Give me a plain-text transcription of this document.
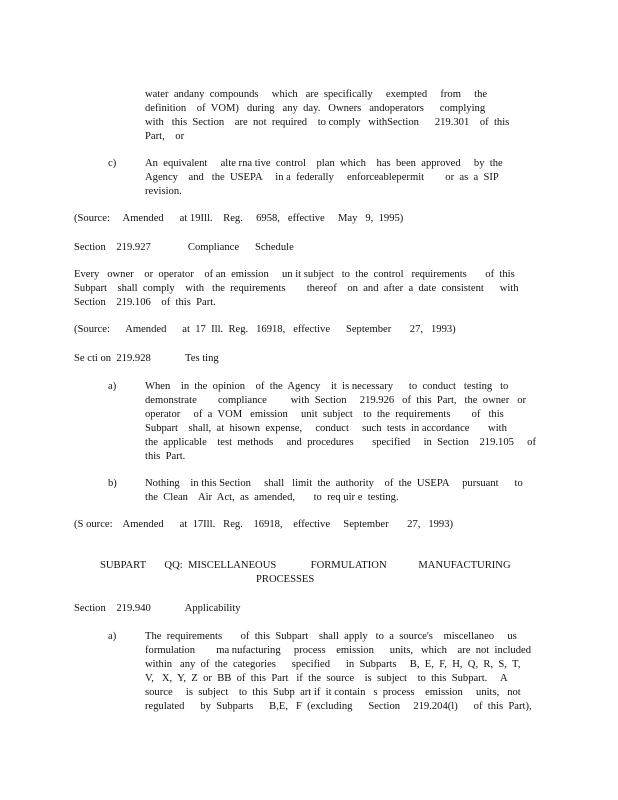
water  andany  compounds     which   are  specifically     exempted     from     the
definition    of  VOM)   during   any  day.   Owners   andoperators      complying
with   this  Section    are  not  required    to comply   withSection      219.301    of  this
Part,    or
c)	An  equivalent     alte rna tive  control    plan  which    has  been  approved     by  the
Agency    and   the  USEPA     in a  federally     enforceablepermit        or  as  a  SIP
revision.
(Source:     Amended      at 19Ill.    Reg.     6958,   effective     May   9,  1995)
Section    219.927              Compliance      Schedule
Every   owner    or  operator    of an  emission     un it subject   to  the  control   requirements       of  this
Subpart    shall  comply    with   the  requirements        thereof    on  and  after  a  date  consistent      with
Section    219.106    of  this  Part.
(Source:      Amended      at  17  Ill.  Reg.   16918,   effective      September       27,   1993)
Se cti on  219.928             Tes ting
a)	When    in  the  opinion    of  the  Agency    it  is necessary      to  conduct   testing   to
demonstrate        compliance         with  Section     219.926   of  this  Part,   the  owner   or
operator     of  a  VOM   emission     unit  subject    to  the  requirements        of   this
Subpart    shall,  at  hisown  expense,     conduct     such  tests  in accordance       with
the  applicable    test  methods     and  procedures       specified     in  Section    219.105     of
this  Part.
b)	Nothing    in this Section     shall   limit  the  authority    of  the  USEPA     pursuant      to
the  Clean    Air  Act,  as  amended,       to  req uir e  testing.
(S ource:    Amended      at  17Ill.   Reg.    16918,    effective     September       27,   1993)
SUBPART       QQ:  MISCELLANEOUS             FORMULATION            MANUFACTURING
PROCESSES
Section    219.940             Applicability
a)	The  requirements       of  this  Subpart    shall  apply   to  a  source's    miscellaneo     us
formulation        ma nufacturing     process    emission      units,   which    are  not  included
within   any  of  the  categories      specified      in  Subparts     B,  E,  F,  H,  Q,  R,  S,  T,
V,   X,  Y,  Z  or  BB  of  this  Part   if  the  source    is  subject    to  this  Subpart.     A
source     is  subject    to  this  Subp  art if  it contain   s  process    emission     units,   not
regulated      by  Subparts      B,E,   F  (excluding      Section     219.204(l)      of  this  Part),
